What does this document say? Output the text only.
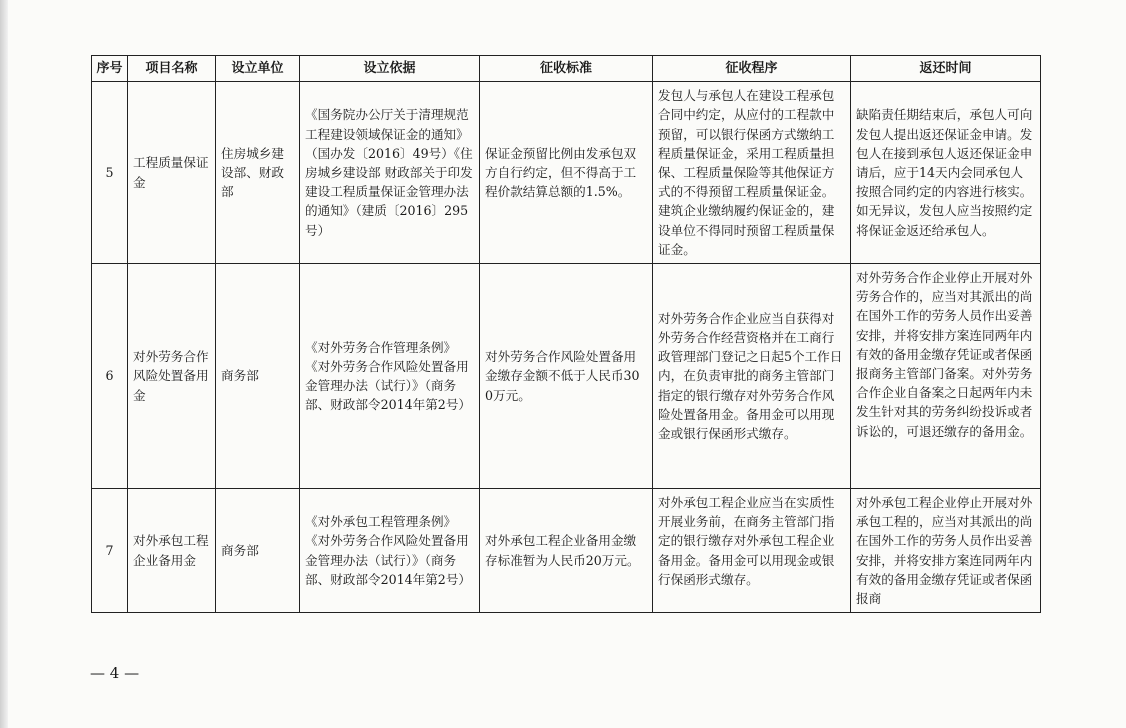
序号	项目名称	设立单位	设立依据	征收标准	征收程序	返还时间
5	工程质量保证金	住房城乡建设部、财政部	《国务院办公厅关于清理规范工程建设领域保证金的通知》（国办发〔2016〕49号）《住房城乡建设部 财政部关于印发建设工程质量保证金管理办法的通知》（建质〔2016〕295号）	保证金预留比例由发承包双方自行约定，但不得高于工程价款结算总额的1.5%。	发包人与承包人在建设工程承包合同中约定，从应付的工程款中预留，可以银行保函方式缴纳工程质量保证金，采用工程质量担保、工程质量保险等其他保证方式的不得预留工程质量保证金。建筑企业缴纳履约保证金的，建设单位不得同时预留工程质量保证金。	缺陷责任期结束后，承包人可向发包人提出返还保证金申请。发包人在接到承包人返还保证金申请后，应于14天内会同承包人按照合同约定的内容进行核实。如无异议，发包人应当按照约定将保证金返还给承包人。
6	对外劳务合作风险处置备用金	商务部	《对外劳务合作管理条例》《对外劳务合作风险处置备用金管理办法（试行）》（商务部、财政部令2014年第2号）	对外劳务合作风险处置备用金缴存金额不低于人民币300万元。	对外劳务合作企业应当自获得对外劳务合作经营资格并在工商行政管理部门登记之日起5个工作日内，在负责审批的商务主管部门指定的银行缴存对外劳务合作风险处置备用金。备用金可以用现金或银行保函形式缴存。	对外劳务合作企业停止开展对外劳务合作的，应当对其派出的尚在国外工作的劳务人员作出妥善安排，并将安排方案连同两年内有效的备用金缴存凭证或者保函报商务主管部门备案。对外劳务合作企业自备案之日起两年内未发生针对其的劳务纠纷投诉或者诉讼的，可退还缴存的备用金。
7	对外承包工程企业备用金	商务部	《对外承包工程管理条例》《对外劳务合作风险处置备用金管理办法（试行）》（商务部、财政部令2014年第2号）	对外承包工程企业备用金缴存标准暂为人民币20万元。	对外承包工程企业应当在实质性开展业务前，在商务主管部门指定的银行缴存对外承包工程企业备用金。备用金可以用现金或银行保函形式缴存。	对外承包工程企业停止开展对外承包工程的，应当对其派出的尚在国外工作的劳务人员作出妥善安排，并将安排方案连同两年内有效的备用金缴存凭证或者保函报商
— 4 —
